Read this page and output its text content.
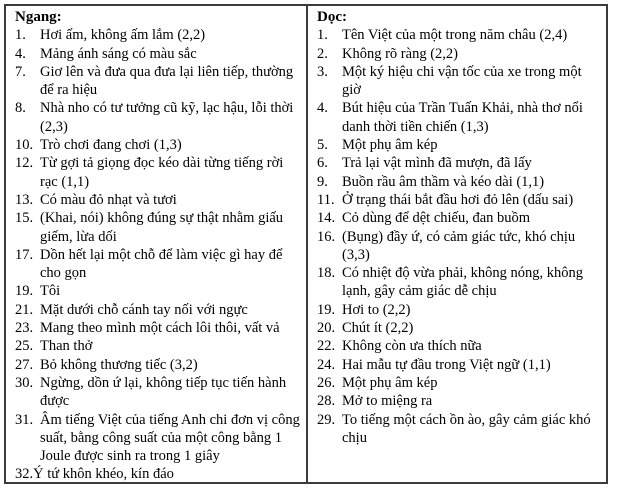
Ngang:
1. Hơi ấm, không ấm lắm (2,2)
4. Mảng ánh sáng có màu sắc
7. Giơ lên và đưa qua đưa lại liên tiếp, thường để ra hiệu
8. Nhà nho có tư tưởng cũ kỹ, lạc hậu, lỗi thời (2,3)
10. Trò chơi đang chơi (1,3)
12. Từ gợi tả giọng đọc kéo dài từng tiếng rời rạc (1,1)
13. Có màu đỏ nhạt và tươi
15. (Khai, nói) không đúng sự thật nhằm giấu giếm, lừa dối
17. Dồn hết lại một chỗ để làm việc gì hay để cho gọn
19. Tôi
21. Mặt dưới chỗ cánh tay nối với ngực
23. Mang theo mình một cách lôi thôi, vất vả
25. Than thở
27. Bỏ không thương tiếc (3,2)
30. Ngừng, dồn ứ lại, không tiếp tục tiến hành được
31. Âm tiếng Việt của tiếng Anh chi đơn vị công suất, bằng công suất của một công bằng 1 Joule được sinh ra trong 1 giây
32.Ý tứ khôn khéo, kín đáo
Dọc:
1. Tên Việt của một trong năm châu (2,4)
2. Không rõ ràng (2,2)
3. Một ký hiệu chi vận tốc của xe trong một giờ
4. Bút hiệu của Trần Tuấn Khải, nhà thơ nổi danh thời tiền chiến (1,3)
5. Một phụ âm kép
6. Trả lại vật mình đã mượn, đã lấy
9. Buồn rầu âm thầm và kéo dài (1,1)
11. Ở trạng thái bắt đầu hơi đỏ lên (dấu sai)
14. Cỏ dùng để dệt chiếu, đan buồm
16. (Bụng) đầy ứ, có cảm giác tức, khó chịu (3,3)
18. Có nhiệt độ vừa phải, không nóng, không lạnh, gây cảm giác dễ chịu
19. Hơi to (2,2)
20. Chút ít (2,2)
22. Không còn ưa thích nữa
24. Hai mẫu tự đầu trong Việt ngữ (1,1)
26. Một phụ âm kép
28. Mở to miệng ra
29. To tiếng một cách ồn ào, gây cảm giác khó chịu
